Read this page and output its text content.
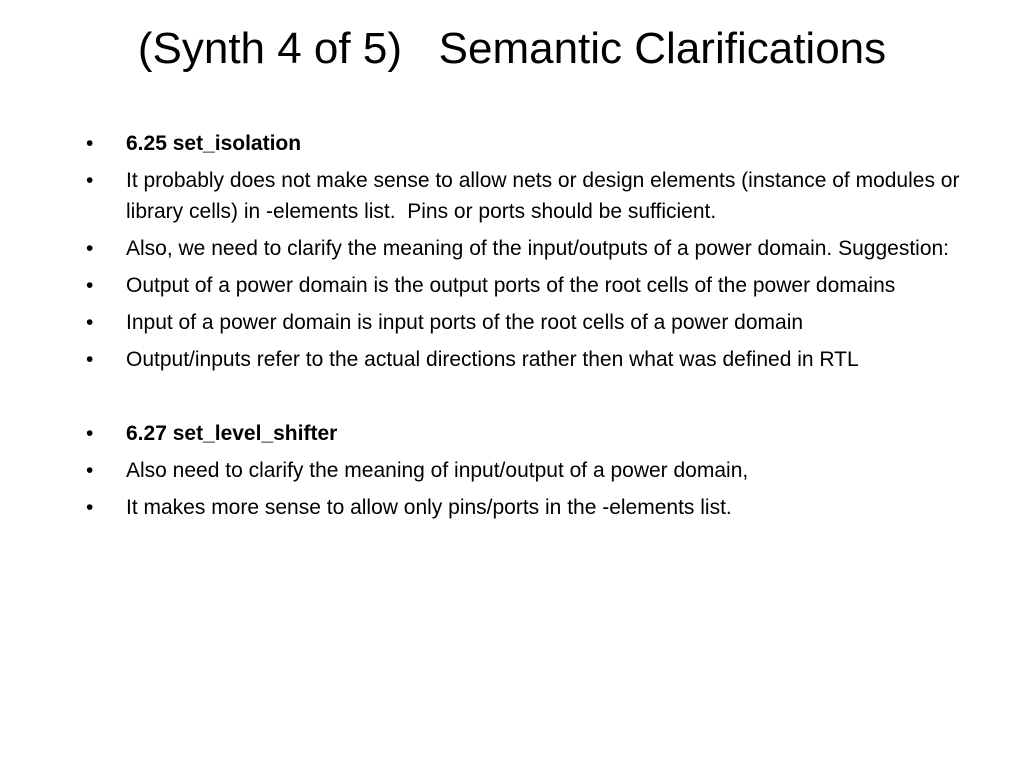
(Synth 4 of 5)   Semantic Clarifications
• 6.25 set_isolation
• It probably does not make sense to allow nets or design elements (instance of modules or library cells) in -elements list.  Pins or ports should be sufficient.
• Also, we need to clarify the meaning of the input/outputs of a power domain. Suggestion:
• Output of a power domain is the output ports of the root cells of the power domains
• Input of a power domain is input ports of the root cells of a power domain
• Output/inputs refer to the actual directions rather then what was defined in RTL
• 6.27 set_level_shifter
• Also need to clarify the meaning of input/output of a power domain,
• It makes more sense to allow only pins/ports in the -elements list.
